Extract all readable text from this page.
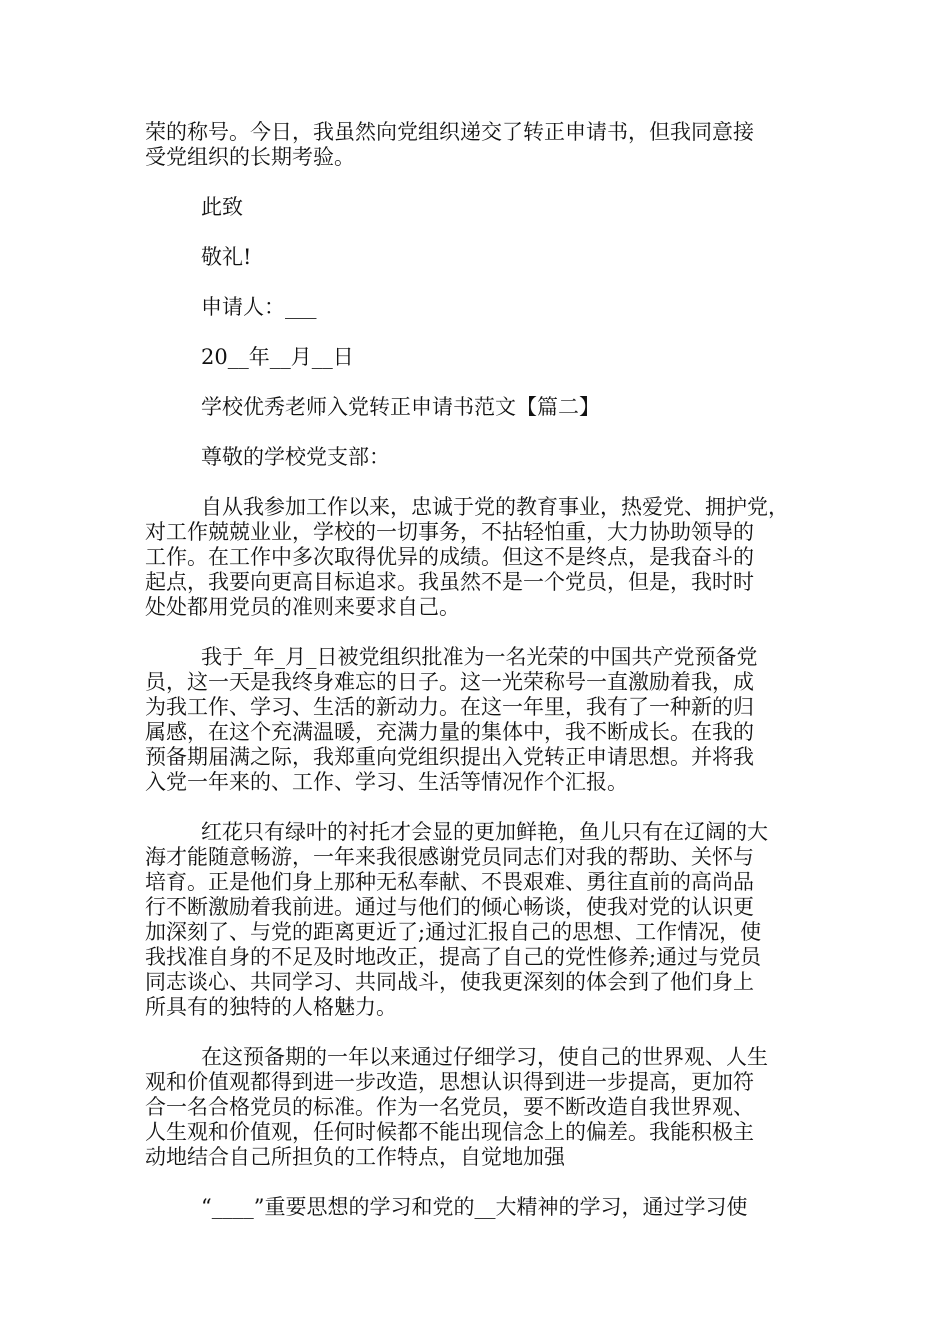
荣的称号。今日，我虽然向党组织递交了转正申请书，但我同意接
受党组织的长期考验。
此致
敬礼!
申请人：___
20__年__月__日
学校优秀老师入党转正申请书范文【篇二】
尊敬的学校党支部：
自从我参加工作以来，忠诚于党的教育事业，热爱党、拥护党，
对工作兢兢业业，学校的一切事务，不拈轻怕重，大力协助领导的
工作。在工作中多次取得优异的成绩。但这不是终点，是我奋斗的
起点，我要向更高目标追求。我虽然不是一个党员，但是，我时时
处处都用党员的准则来要求自己。
我于_年_月_日被党组织批准为一名光荣的中国共产党预备党
员，这一天是我终身难忘的日子。这一光荣称号一直激励着我，成
为我工作、学习、生活的新动力。在这一年里，我有了一种新的归
属感，在这个充满温暖，充满力量的集体中，我不断成长。在我的
预备期届满之际，我郑重向党组织提出入党转正申请思想。并将我
入党一年来的、工作、学习、生活等情况作个汇报。
红花只有绿叶的衬托才会显的更加鲜艳，鱼儿只有在辽阔的大
海才能随意畅游，一年来我很感谢党员同志们对我的帮助、关怀与
培育。正是他们身上那种无私奉献、不畏艰难、勇往直前的高尚品
行不断激励着我前进。通过与他们的倾心畅谈，使我对党的认识更
加深刻了、与党的距离更近了;通过汇报自己的思想、工作情况，使
我找准自身的不足及时地改正，提高了自己的党性修养;通过与党员
同志谈心、共同学习、共同战斗，使我更深刻的体会到了他们身上
所具有的独特的人格魅力。
在这预备期的一年以来通过仔细学习，使自己的世界观、人生
观和价值观都得到进一步改造，思想认识得到进一步提高，更加符
合一名合格党员的标准。作为一名党员，要不断改造自我世界观、
人生观和价值观，任何时候都不能出现信念上的偏差。我能积极主
动地结合自己所担负的工作特点，自觉地加强
“____”重要思想的学习和党的__大精神的学习，通过学习使
